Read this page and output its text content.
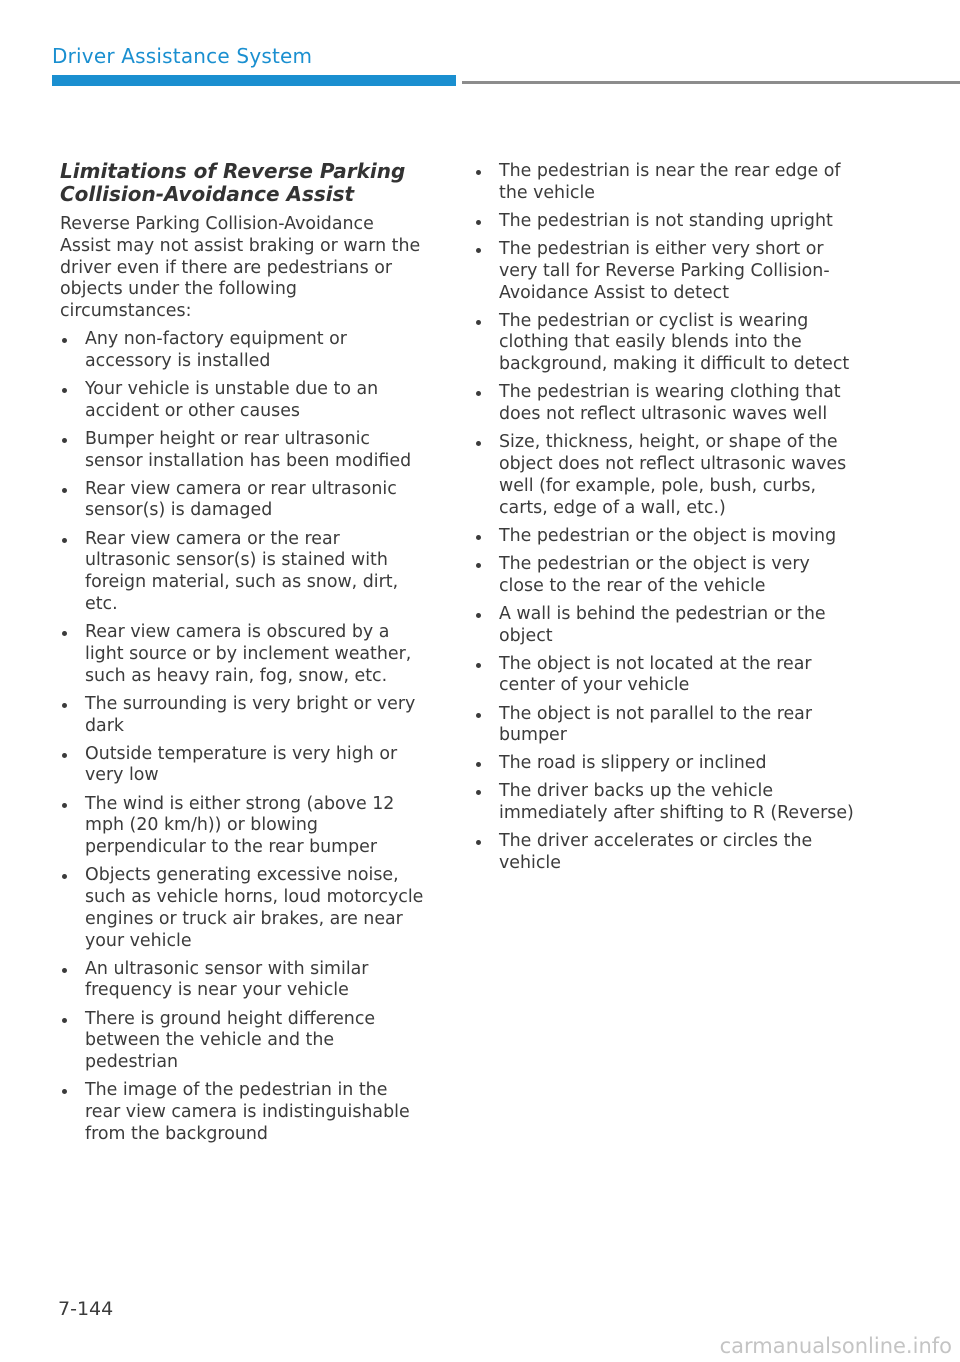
Driver Assistance System
Limitations of Reverse Parking
Collision-Avoidance Assist

Reverse Parking Collision-Avoidance Assist may not assist braking or warn the driver even if there are pedestrians or objects under the following circumstances:

Any non-factory equipment or accessory is installed
Your vehicle is unstable due to an accident or other causes
Bumper height or rear ultrasonic sensor installation has been modified
Rear view camera or rear ultrasonic sensor(s) is damaged
Rear view camera or the rear ultrasonic sensor(s) is stained with foreign material, such as snow, dirt, etc.
Rear view camera is obscured by a light source or by inclement weather, such as heavy rain, fog, snow, etc.
The surrounding is very bright or very dark
Outside temperature is very high or very low
The wind is either strong (above 12 mph (20 km/h)) or blowing perpendicular to the rear bumper
Objects generating excessive noise, such as vehicle horns, loud motorcycle engines or truck air brakes, are near your vehicle
An ultrasonic sensor with similar frequency is near your vehicle
There is ground height difference between the vehicle and the pedestrian
The image of the pedestrian in the rear view camera is indistinguishable from the background
The pedestrian is near the rear edge of the vehicle
The pedestrian is not standing upright
The pedestrian is either very short or very tall for Reverse Parking Collision-Avoidance Assist to detect
The pedestrian or cyclist is wearing clothing that easily blends into the background, making it difficult to detect
The pedestrian is wearing clothing that does not reflect ultrasonic waves well
Size, thickness, height, or shape of the object does not reflect ultrasonic waves well (for example, pole, bush, curbs, carts, edge of a wall, etc.)
The pedestrian or the object is moving
The pedestrian or the object is very close to the rear of the vehicle
A wall is behind the pedestrian or the object
The object is not located at the rear center of your vehicle
The object is not parallel to the rear bumper
The road is slippery or inclined
The driver backs up the vehicle immediately after shifting to R (Reverse)
The driver accelerates or circles the vehicle
7-144
carmanualsonline.info
